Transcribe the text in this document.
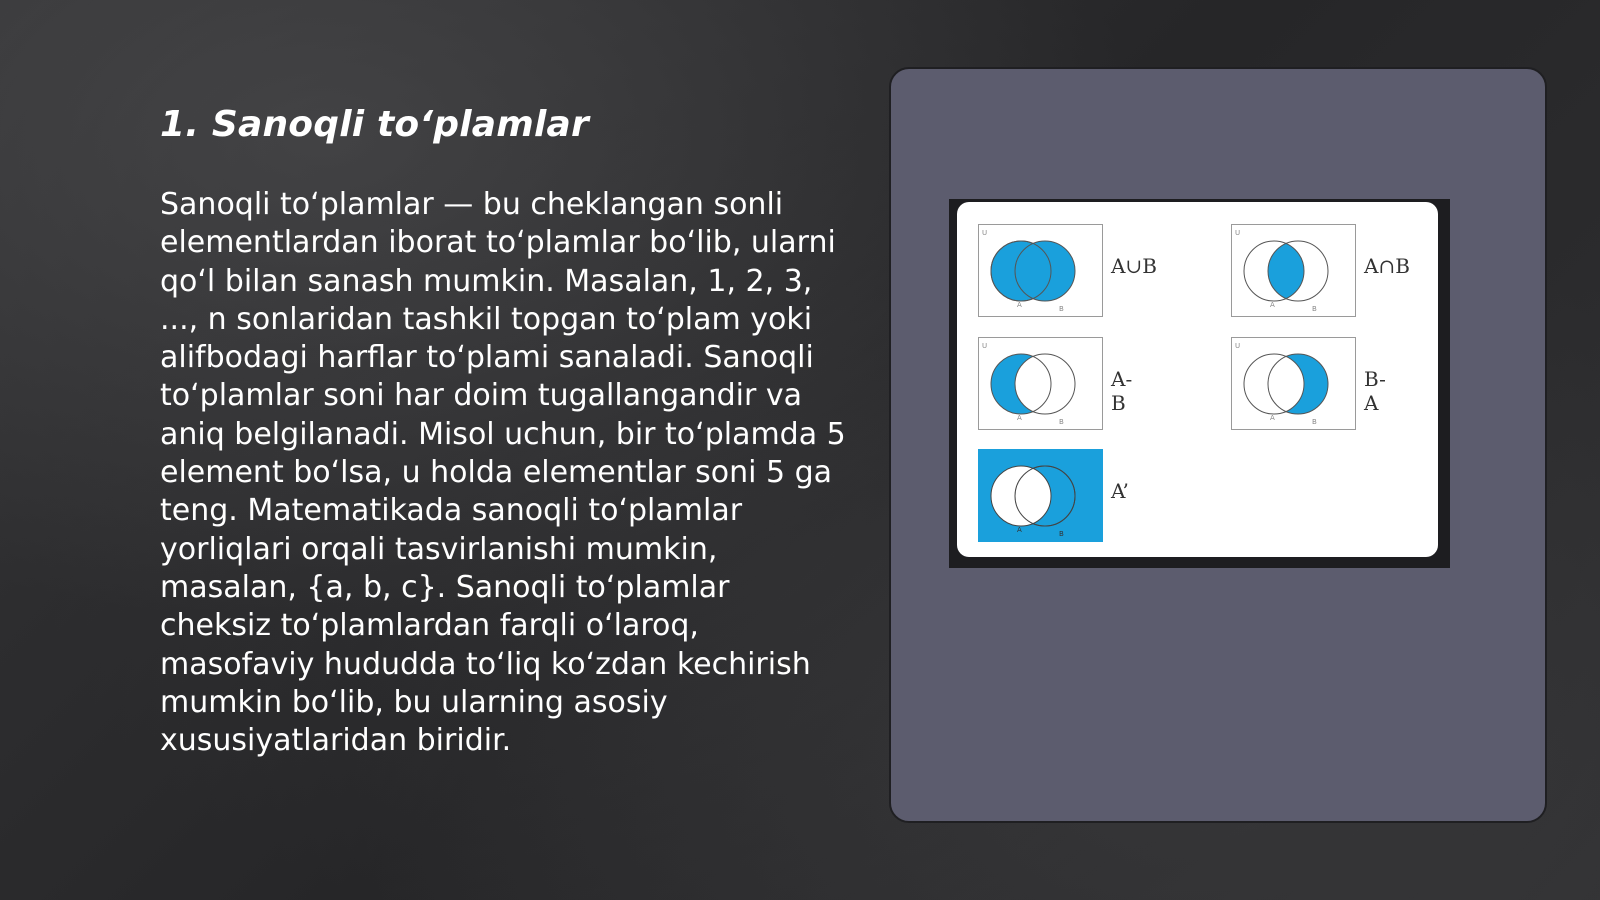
1. Sanoqli to‘plamlar

Sanoqli to‘plamlar — bu cheklangan sonli elementlardan iborat to‘plamlar bo‘lib, ularni qo‘l bilan sanash mumkin. Masalan, 1, 2, 3, ..., n sonlaridan tashkil topgan to‘plam yoki alifbodagi harflar to‘plami sanaladi. Sanoqli to‘plamlar soni har doim tugallangandir va aniq belgilanadi. Misol uchun, bir to‘plamda 5 element bo‘lsa, u holda elementlar soni 5 ga teng. Matematikada sanoqli to‘plamlar yorliqlari orqali tasvirlanishi mumkin, masalan, {a, b, c}. Sanoqli to‘plamlar cheksiz to‘plamlardan farqli o‘laroq, masofaviy hududda to‘liq ko‘zdan kechirish mumkin bo‘lib, bu ularning asosiy xususiyatlaridan biridir.

U
A	B
A∪B
U
A	B
A∩B
U
A	B
A-B
U
A	B
B-A
A	B
A’
